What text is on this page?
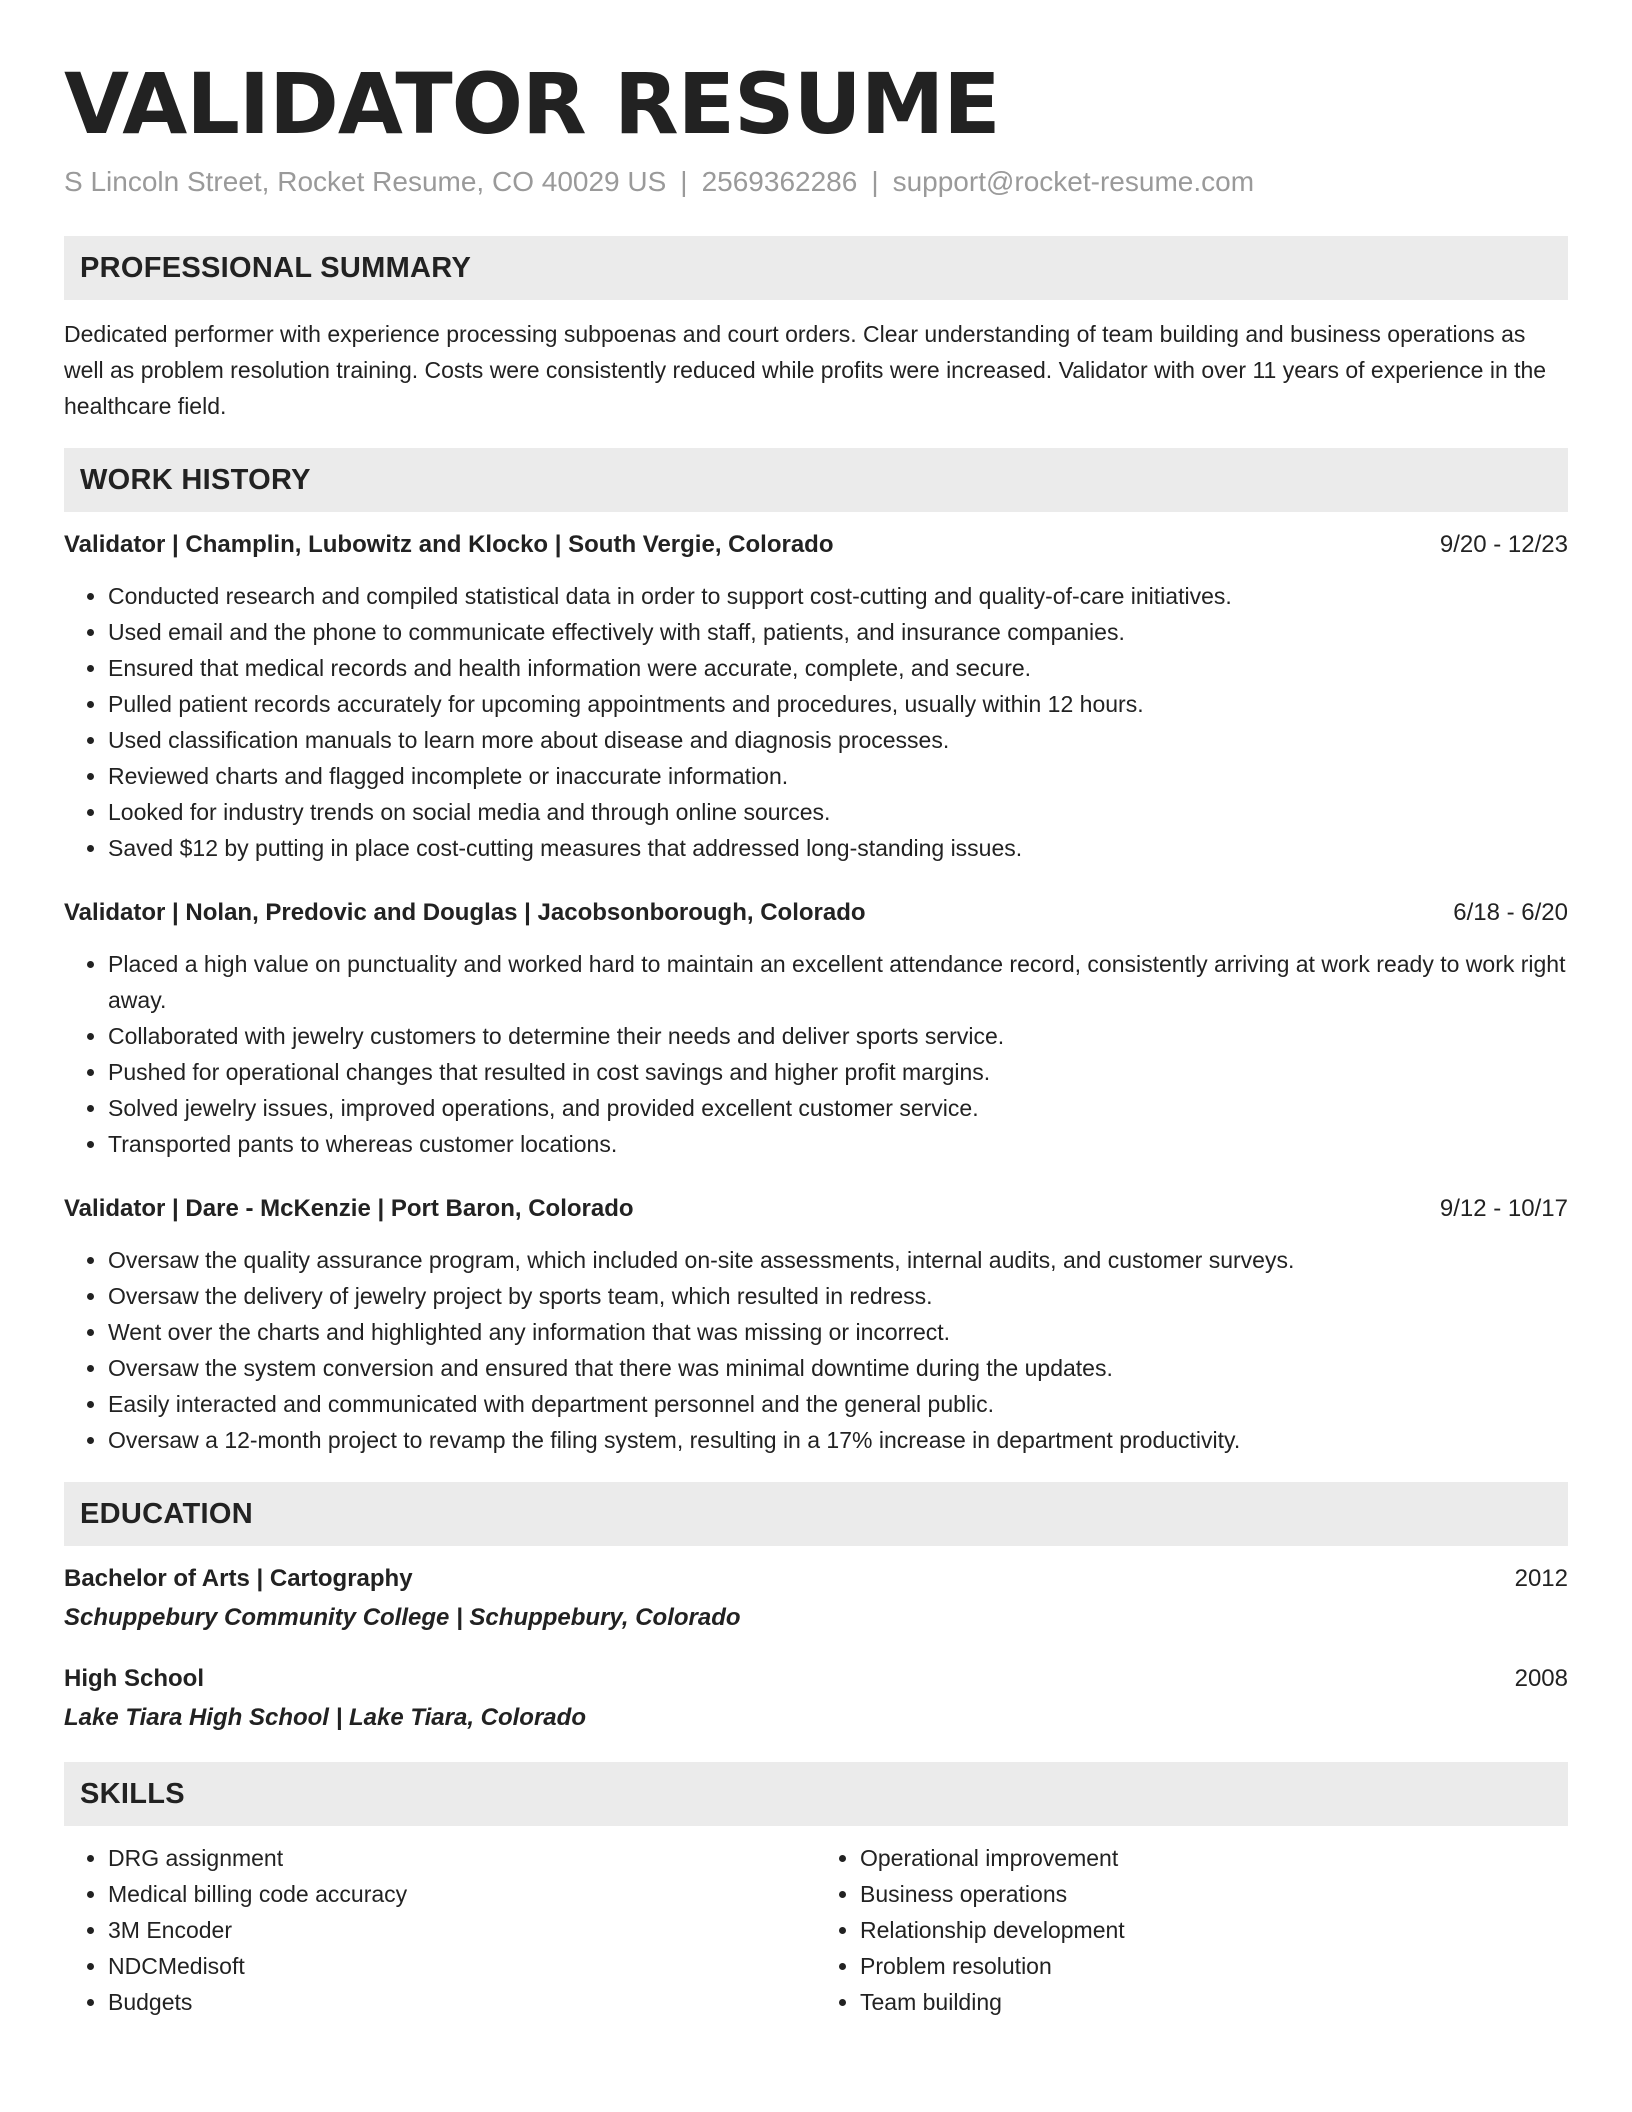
VALIDATOR RESUME
S Lincoln Street, Rocket Resume, CO 40029 US | 2569362286 | support@rocket-resume.com
PROFESSIONAL SUMMARY

Dedicated performer with experience processing subpoenas and court orders. Clear understanding of team building and business operations as well as problem resolution training. Costs were consistently reduced while profits were increased. Validator with over 11 years of experience in the healthcare field.

WORK HISTORY
Validator | Champlin, Lubowitz and Klocko | South Vergie, Colorado	9/20 - 12/23
• Conducted research and compiled statistical data in order to support cost-cutting and quality-of-care initiatives.
• Used email and the phone to communicate effectively with staff, patients, and insurance companies.
• Ensured that medical records and health information were accurate, complete, and secure.
• Pulled patient records accurately for upcoming appointments and procedures, usually within 12 hours.
• Used classification manuals to learn more about disease and diagnosis processes.
• Reviewed charts and flagged incomplete or inaccurate information.
• Looked for industry trends on social media and through online sources.
• Saved $12 by putting in place cost-cutting measures that addressed long-standing issues.
Validator | Nolan, Predovic and Douglas | Jacobsonborough, Colorado	6/18 - 6/20
• Placed a high value on punctuality and worked hard to maintain an excellent attendance record, consistently arriving at work ready to work right away.
• Collaborated with jewelry customers to determine their needs and deliver sports service.
• Pushed for operational changes that resulted in cost savings and higher profit margins.
• Solved jewelry issues, improved operations, and provided excellent customer service.
• Transported pants to whereas customer locations.
Validator | Dare - McKenzie | Port Baron, Colorado	9/12 - 10/17
• Oversaw the quality assurance program, which included on-site assessments, internal audits, and customer surveys.
• Oversaw the delivery of jewelry project by sports team, which resulted in redress.
• Went over the charts and highlighted any information that was missing or incorrect.
• Oversaw the system conversion and ensured that there was minimal downtime during the updates.
• Easily interacted and communicated with department personnel and the general public.
• Oversaw a 12-month project to revamp the filing system, resulting in a 17% increase in department productivity.
EDUCATION
Bachelor of Arts | Cartography	2012
Schuppebury Community College | Schuppebury, Colorado
High School	2008
Lake Tiara High School | Lake Tiara, Colorado
SKILLS
• DRG assignment
• Medical billing code accuracy
• 3M Encoder
• NDCMedisoft
• Budgets
• Operational improvement
• Business operations
• Relationship development
• Problem resolution
• Team building
